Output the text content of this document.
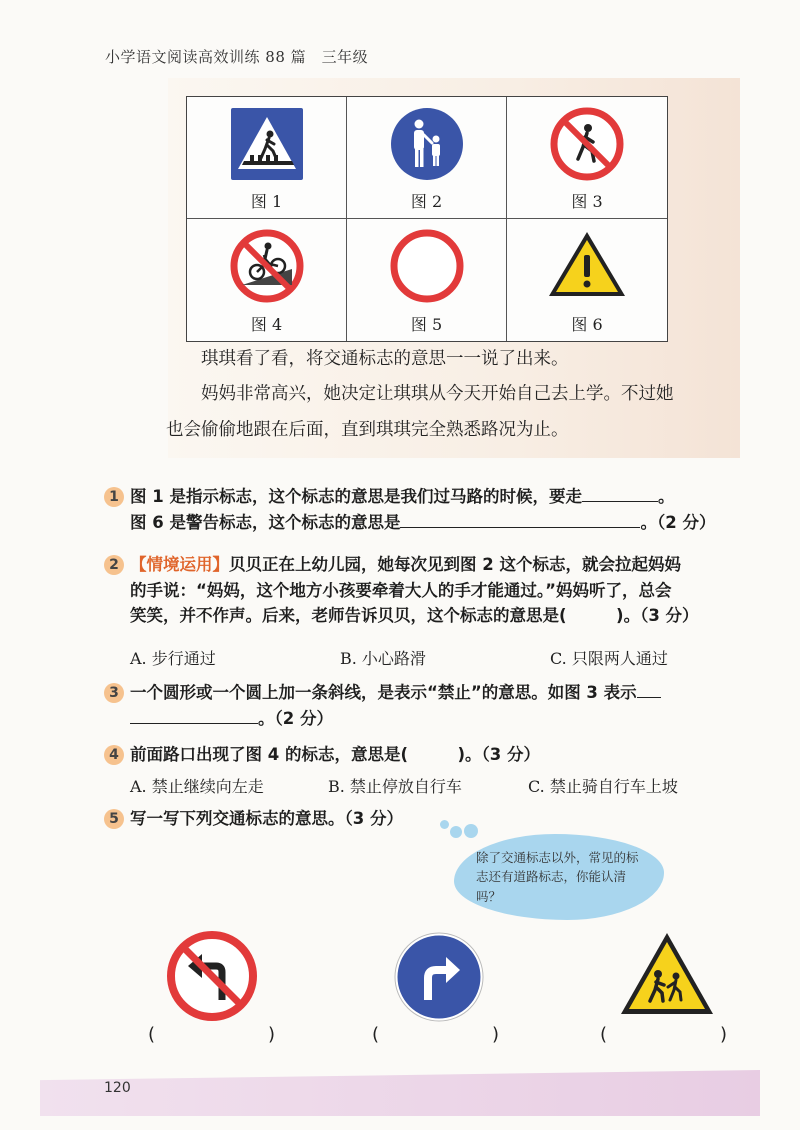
小学语文阅读高效训练 88 篇　三年级
图 1	图 2	图 3
图 4	图 5	图 6

琪琪看了看，将交通标志的意思一一说了出来。

妈妈非常高兴，她决定让琪琪从今天开始自己去上学。不过她

也会偷偷地跟在后面，直到琪琪完全熟悉路况为止。

1 图 1 是指示标志，这个标志的意思是我们过马路的时候，要走	。
图 6 是警告标志，这个标志的意思是	。（2 分）
2 【情境运用】贝贝正在上幼儿园，她每次见到图 2 这个标志，就会拉起妈妈
的手说：“妈妈，这个地方小孩要牵着大人的手才能通过。”妈妈听了，总会
笑笑，并不作声。后来，老师告诉贝贝，这个标志的意思是(　　　)。（3 分）
A. 步行通过	B. 小心路滑	C. 只限两人通过
3 一个圆形或一个圆上加一条斜线，是表示“禁止”的意思。如图 3 表示
。（2 分）
4 前面路口出现了图 4 的标志，意思是(　　　)。（3 分）
A. 禁止继续向左走	B. 禁止停放自行车	C. 禁止骑自行车上坡
5 写一写下列交通标志的意思。（3 分）
除了交通标志以外，常见的标志还有道路标志，你能认清吗？
(	)	(	)	(	)
120
